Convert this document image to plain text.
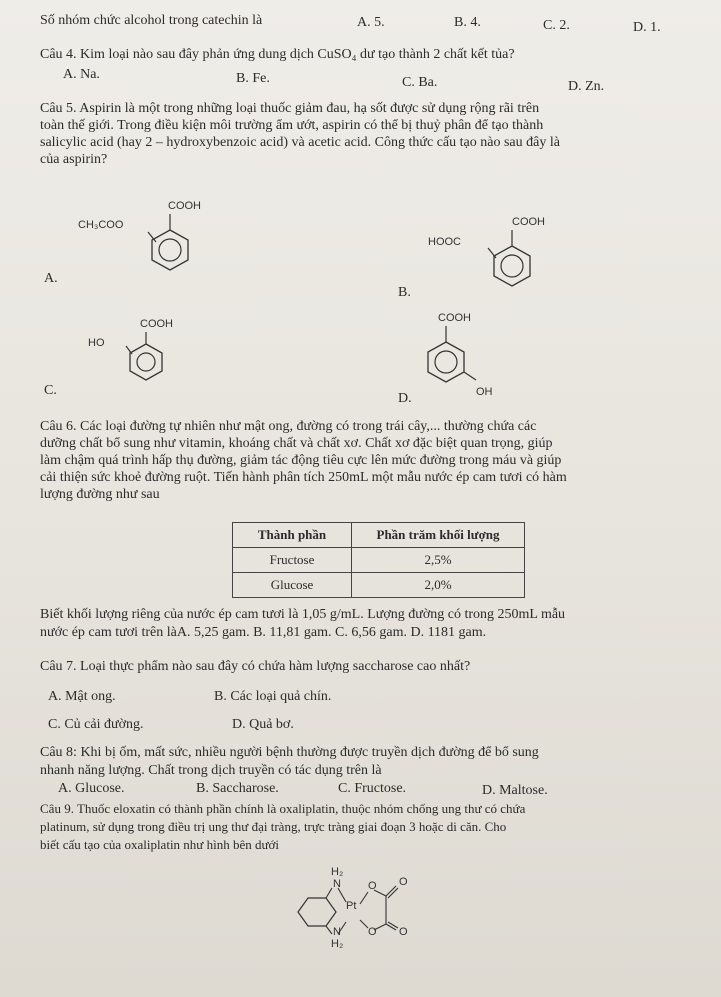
Số nhóm chức alcohol trong catechin là	A. 5.	B. 4.	C. 2.	D. 1.
Câu 4. Kim loại nào sau đây phản ứng dung dịch CuSO₄ dư tạo thành 2 chất kết tủa?
A. Na.	B. Fe.	C. Ba.	D. Zn.
Câu 5. Aspirin là một trong những loại thuốc giảm đau, hạ sốt được sử dụng rộng rãi trên
toàn thế giới. Trong điều kiện môi trường ẩm ướt, aspirin có thể bị thuỷ phân để tạo thành
salicylic acid (hay 2 – hydroxybenzoic acid) và acetic acid. Công thức cấu tạo nào sau đây là
của aspirin?
COOH
CH₃COO
A.
COOH
HOOC
B.
COOH
HO
C.
COOH
OH
D.
Câu 6. Các loại đường tự nhiên như mật ong, đường có trong trái cây,... thường chứa các
dưỡng chất bổ sung như vitamin, khoáng chất và chất xơ. Chất xơ đặc biệt quan trọng, giúp
làm chậm quá trình hấp thụ đường, giảm tác động tiêu cực lên mức đường trong máu và giúp
cải thiện sức khoẻ đường ruột. Tiến hành phân tích 250mL một mẫu nước ép cam tươi có hàm
lượng đường như sau
Thành phần	Phần trăm khối lượng
Fructose	2,5%
Glucose	2,0%
Biết khối lượng riêng của nước ép cam tươi là 1,05 g/mL. Lượng đường có trong 250mL mẫu
nước ép cam tươi trên làA. 5,25 gam. B. 11,81 gam. C. 6,56 gam. D. 1181 gam.
Câu 7. Loại thực phẩm nào sau đây có chứa hàm lượng saccharose cao nhất?
A. Mật ong.	B. Các loại quả chín.
C. Củ cải đường.	D. Quả bơ.
Câu 8: Khi bị ốm, mất sức, nhiều người bệnh thường được truyền dịch đường để bổ sung
nhanh năng lượng. Chất trong dịch truyền có tác dụng trên là
A. Glucose.	B. Saccharose.	C. Fructose.	D. Maltose.
Câu 9. Thuốc eloxatin có thành phần chính là oxaliplatin, thuộc nhóm chống ung thư có chứa
platinum, sử dụng trong điều trị ung thư đại tràng, trực tràng giai đoạn 3 hoặc di căn. Cho
biết cấu tạo của oxaliplatin như hình bên dưới
H₂
N
Pt
N
H₂
O O
O O
